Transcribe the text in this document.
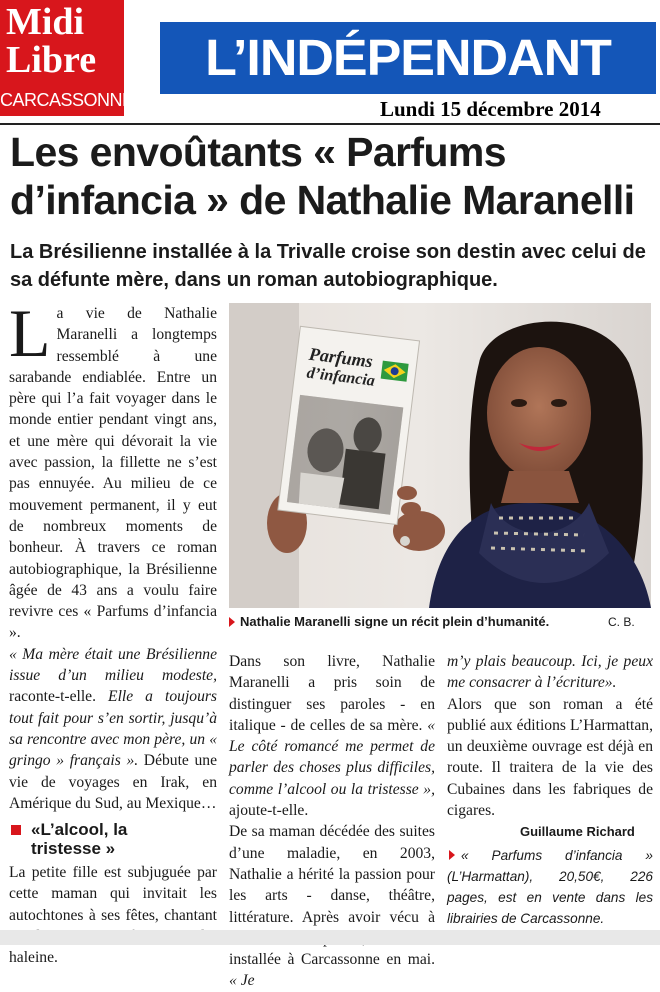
Midi
Libre
CARCASSONNE
L’INDÉPENDANT
Lundi 15 décembre 2014
Les envoûtants « Parfums d’infancia » de Nathalie Maranelli
La Brésilienne installée à la Trivalle croise son destin avec celui de sa défunte mère, dans un roman autobiographique.

La vie de Nathalie Maranelli a longtemps ressemblé à une sarabande endiablée. Entre un père qui l’a fait voyager dans le monde entier pendant vingt ans, et une mère qui dévorait la vie avec passion, la fillette ne s’est pas ennuyée. Au milieu de ce mouvement permanent, il y eut de nombreux moments de bonheur. À travers ce roman autobiographique, la Brésilienne âgée de 43 ans a voulu faire revivre ces « Parfums d’infancia ».

« Ma mère était une Brésilienne issue d’un milieu modeste, raconte-t-elle. Elle a toujours tout fait pour s’en sortir, jusqu’à sa rencontre avec mon père, un « gringo » français ». Débute une vie de voyages en Irak, en Amérique du Sud, au Mexique…

«L’alcool, la tristesse »

La petite fille est subjuguée par cette maman qui invitait les autochtones à ses fêtes, chantant haleine.

Parfums
d’infancia
Nathalie Maranelli signe un récit plein d’humanité.	C. B.

Dans son livre, Nathalie Maranelli a pris soin de distinguer ses paroles - en italique - de celles de sa mère. « Le côté romancé me permet de parler des choses plus difficiles, comme l’alcool ou la tristesse », ajoute-t-elle.

De sa maman décédée des suites d’une maladie, en 2003, Nathalie a hérité la passion pour les arts - danse, théâtre, littérature. Après avoir vécu à installée à Carcassonne en mai. « Je

m’y plais beaucoup. Ici, je peux me consacrer à l’écriture».

Alors que son roman a été publié aux éditions L’Harmattan, un deuxième ouvrage est déjà en route. Il traitera de la vie des Cubaines dans les fabriques de cigares.

Guillaume Richard
« Parfums d’infancia » (L’Harmattan), 20,50€, 226 pages, est en vente dans les librairies de Carcassonne.
